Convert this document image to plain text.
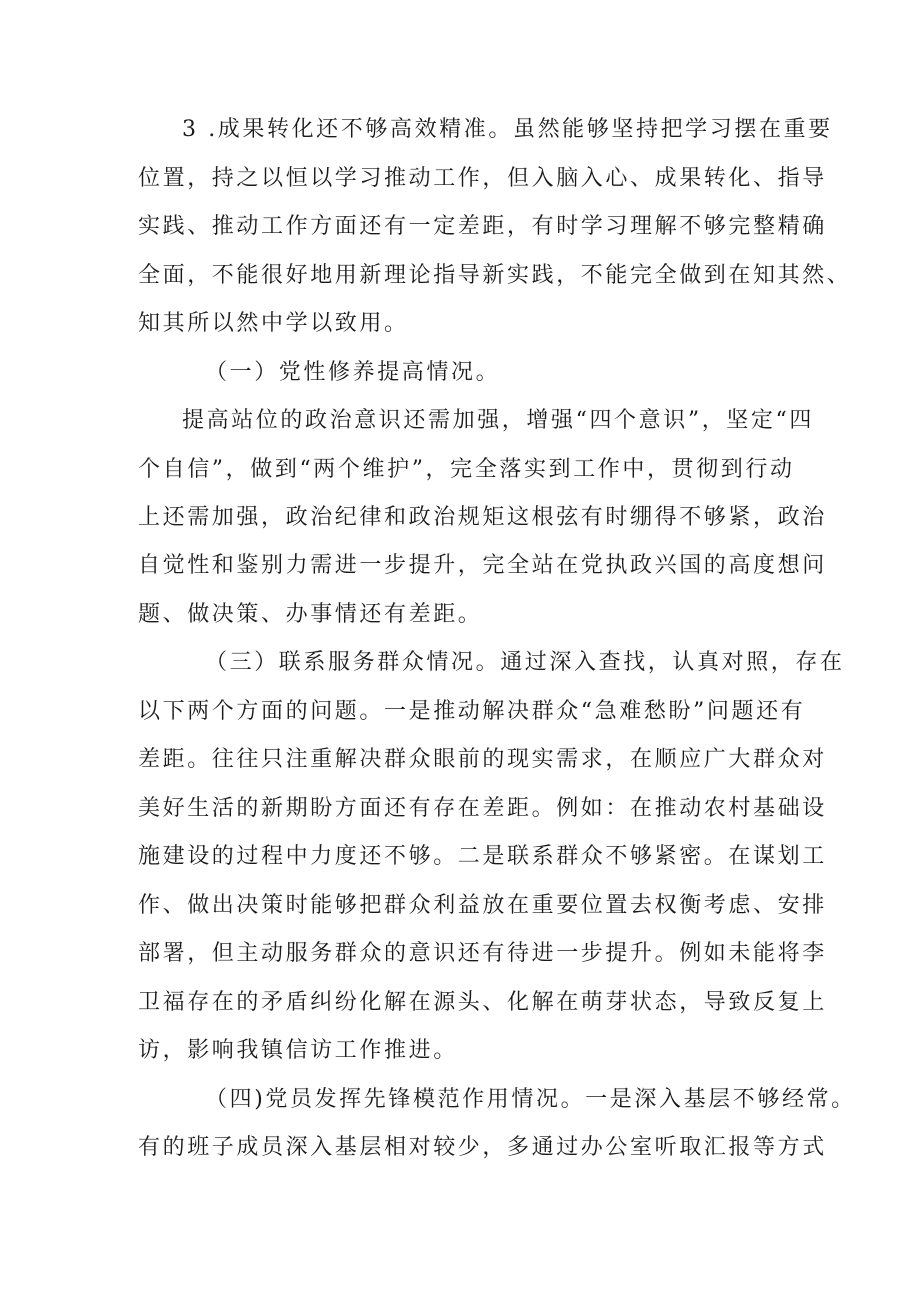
3 .成果转化还不够高效精准。虽然能够坚持把学习摆在重要
位置，持之以恒以学习推动工作，但入脑入心、成果转化、指导
实践、推动工作方面还有一定差距，有时学习理解不够完整精确
全面，不能很好地用新理论指导新实践，不能完全做到在知其然、
知其所以然中学以致用。
（一）党性修养提高情况。
提高站位的政治意识还需加强，增强“四个意识”，坚定“四
个自信”，做到“两个维护”，完全落实到工作中，贯彻到行动
上还需加强，政治纪律和政治规矩这根弦有时绷得不够紧，政治
自觉性和鉴别力需进一步提升，完全站在党执政兴国的高度想问
题、做决策、办事情还有差距。
（三）联系服务群众情况。通过深入查找，认真对照，存在
以下两个方面的问题。一是推动解决群众“急难愁盼”问题还有
差距。往往只注重解决群众眼前的现实需求，在顺应广大群众对
美好生活的新期盼方面还有存在差距。例如：在推动农村基础设
施建设的过程中力度还不够。二是联系群众不够紧密。在谋划工
作、做出决策时能够把群众利益放在重要位置去权衡考虑、安排
部署，但主动服务群众的意识还有待进一步提升。例如未能将李
卫福存在的矛盾纠纷化解在源头、化解在萌芽状态，导致反复上
访，影响我镇信访工作推进。
（四)党员发挥先锋模范作用情况。一是深入基层不够经常。
有的班子成员深入基层相对较少，多通过办公室听取汇报等方式
